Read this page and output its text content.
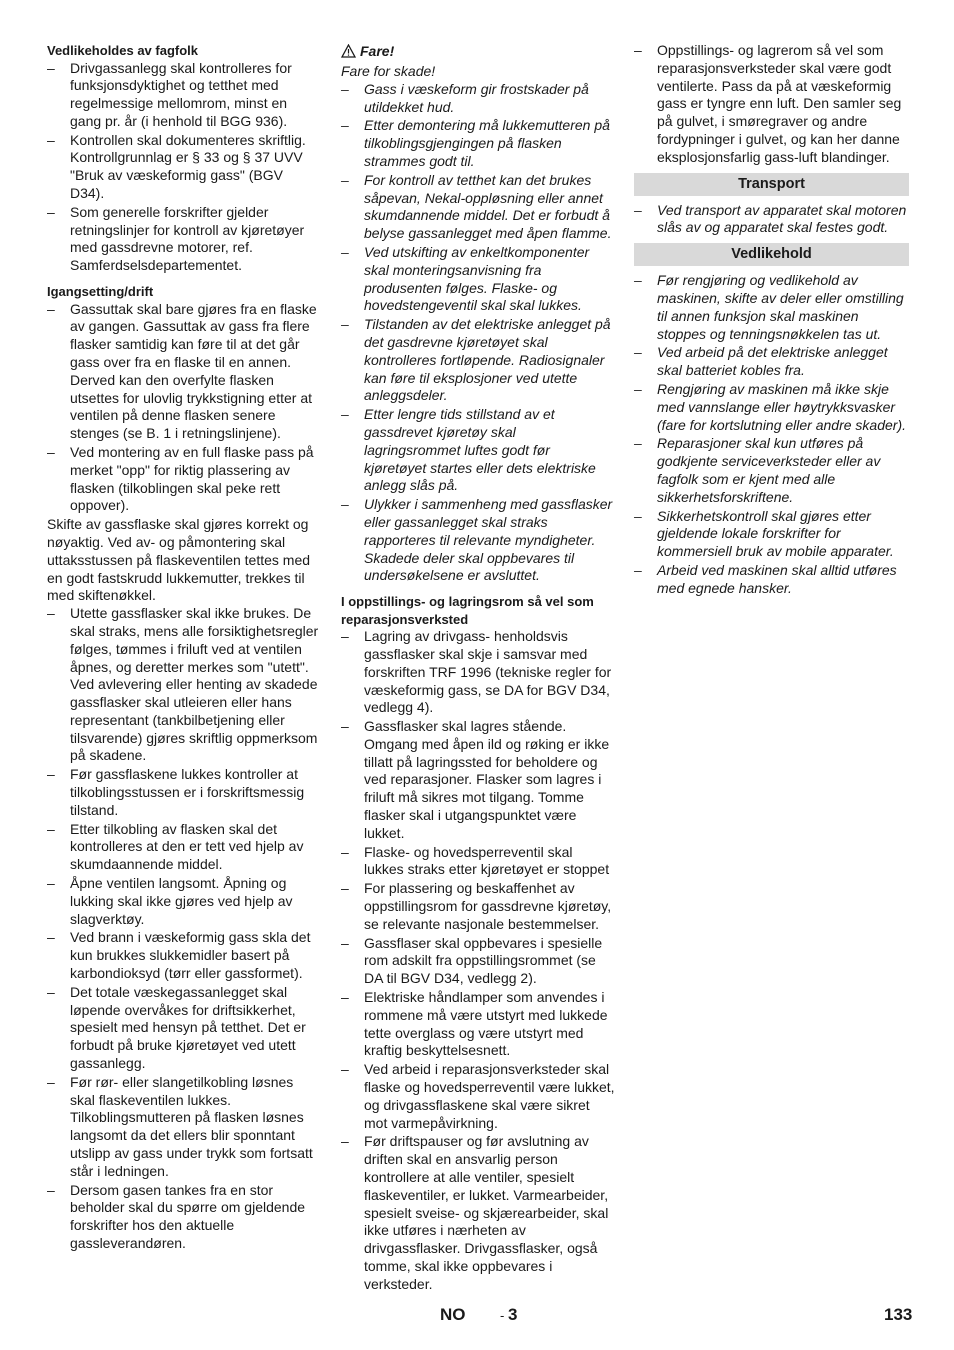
Vedlikeholdes av fagfolk

– Drivgassanlegg skal kontrolleres for funksjonsdyktighet og tetthet med regelmessige mellomrom, minst en gang pr. år (i henhold til BGG 936).
– Kontrollen skal dokumenteres skriftlig. Kontrollgrunnlag er § 33 og § 37 UVV "Bruk av væskeformig gass" (BGV D34).
– Som generelle forskrifter gjelder retningslinjer for kontroll av kjøretøyer med gassdrevne motorer, ref. Samferdselsdepartementet.

Igangsetting/drift

– Gassuttak skal bare gjøres fra en flaske av gangen. Gassuttak av gass fra flere flasker samtidig kan føre til at det går gass over fra en flaske til en annen. Derved kan den overfylte flasken utsettes for ulovlig trykkstigning etter at ventilen på denne flasken senere stenges (se B. 1 i retningslinjene).
– Ved montering av en full flaske pass på merket "opp" for riktig plassering av flasken (tilkoblingen skal peke rett oppover).

Skifte av gassflaske skal gjøres korrekt og nøyaktig. Ved av- og påmontering skal uttaksstussen på flaskeventilen tettes med en godt fastskrudd lukkemutter, trekkes til med skiftenøkkel.

– Utette gassflasker skal ikke brukes. De skal straks, mens alle forsiktighetsregler følges, tømmes i friluft ved at ventilen åpnes, og deretter merkes som "utett". Ved avlevering eller henting av skadede gassflasker skal utleieren eller hans representant (tankbilbetjening eller tilsvarende) gjøres skriftlig oppmerksom på skadene.
– Før gassflaskene lukkes kontroller at tilkoblingsstussen er i forskriftsmessig tilstand.
– Etter tilkobling av flasken skal det kontrolleres at den er tett ved hjelp av skumdaannende middel.
– Åpne ventilen langsomt. Åpning og lukking skal ikke gjøres ved hjelp av slagverktøy.
– Ved brann i væskeformig gass skla det kun brukkes slukkemidler basert på karbondioksyd (tørr eller gassformet).
– Det totale væskegassanlegget skal løpende overvåkes for driftsikkerhet, spesielt med hensyn på tetthet. Det er forbudt på bruke kjøretøyet ved utett gassanlegg.
– Før rør- eller slangetilkobling løsnes skal flaskeventilen lukkes. Tilkoblingsmutteren på flasken løsnes langsomt da det ellers blir sponntant utslipp av gass under trykk som fortsatt står i ledningen.
– Dersom gasen tankes fra en stor beholder skal du spørre om gjeldende forskrifter hos den aktuelle gassleverandøren.
Fare!

Fare for skade!

– Gass i væskeform gir frostskader på utildekket hud.
– Etter demontering må lukkemutteren på tilkoblingsgjengingen på flasken strammes godt til.
– For kontroll av tetthet kan det brukes såpevan, Nekal-oppløsning eller annet skumdannende middel. Det er forbudt å belyse gassanlegget med åpen flamme.
– Ved utskifting av enkeltkomponenter skal monteringsanvisning fra produsenten følges. Flaske- og hovedstengeventil skal skal lukkes.
– Tilstanden av det elektriske anlegget på det gasdrevne kjøretøyet skal kontrolleres fortløpende. Radiosignaler kan føre til eksplosjoner ved utette anleggsdeler.
– Etter lengre tids stillstand av et gassdrevet kjøretøy skal lagringsrommet luftes godt før kjøretøyet startes eller dets elektriske anlegg slås på.
– Ulykker i sammenheng med gassflasker eller gassanlegget skal straks rapporteres til relevante myndigheter. Skadede deler skal oppbevares til undersøkelsene er avsluttet.

I oppstillings- og lagringsrom så vel som reparasjonsverksted

– Lagring av drivgass- henholdsvis gassflasker skal skje i samsvar med forskriften TRF 1996 (tekniske regler for væskeformig gass, se DA for BGV D34, vedlegg 4).
– Gassflasker skal lagres stående. Omgang med åpen ild og røking er ikke tillatt på lagringssted for beholdere og ved reparasjoner. Flasker som lagres i friluft må sikres mot tilgang. Tomme flasker skal i utgangspunktet være lukket.
– Flaske- og hovedsperreventil skal lukkes straks etter kjøretøyet er stoppet
– For plassering og beskaffenhet av oppstillingsrom for gassdrevne kjøretøy, se relevante nasjonale bestemmelser.
– Gassflaser skal oppbevares i spesielle rom adskilt fra oppstillingsrommet (se DA til BGV D34, vedlegg 2).
– Elektriske håndlamper som anvendes i rommene må være utstyrt med lukkede tette overglass og være utstyrt med kraftig beskyttelsesnett.
– Ved arbeid i reparasjonsverksteder skal flaske og hovedsperreventil være lukket, og drivgassflaskene skal være sikret mot varmepåvirkning.
– Før driftspauser og før avslutning av driften skal en ansvarlig person kontrollere at alle ventiler, spesielt flaskeventiler, er lukket. Varmearbeider, spesielt sveise- og skjærearbeider, skal ikke utføres i nærheten av drivgassflasker. Drivgassflasker, også tomme, skal ikke oppbevares i verksteder.
– Oppstillings- og lagrerom så vel som reparasjonsverksteder skal være godt ventilerte. Pass da på at væskeformig gass er tyngre enn luft. Den samler seg på gulvet, i smøregraver og andre fordypninger i gulvet, og kan her danne eksplosjonsfarlig gass-luft blandinger.
Transport
– Ved transport av apparatet skal motoren slås av og apparatet skal festes godt.
Vedlikehold
– Før rengjøring og vedlikehold av maskinen, skifte av deler eller omstilling til annen funksjon skal maskinen stoppes og tenningsnøkkelen tas ut.
– Ved arbeid på det elektriske anlegget skal batteriet kobles fra.
– Rengjøring av maskinen må ikke skje med vannslange eller høytrykksvasker (fare for kortslutning eller andre skader).
– Reparasjoner skal kun utføres på godkjente serviceverksteder eller av fagfolk som er kjent med alle sikkerhetsforskriftene.
– Sikkerhetskontroll skal gjøres etter gjeldende lokale forskrifter for kommersiell bruk av mobile apparater.
– Arbeid ved maskinen skal alltid utføres med egnede hansker.
NO	- 3	133
